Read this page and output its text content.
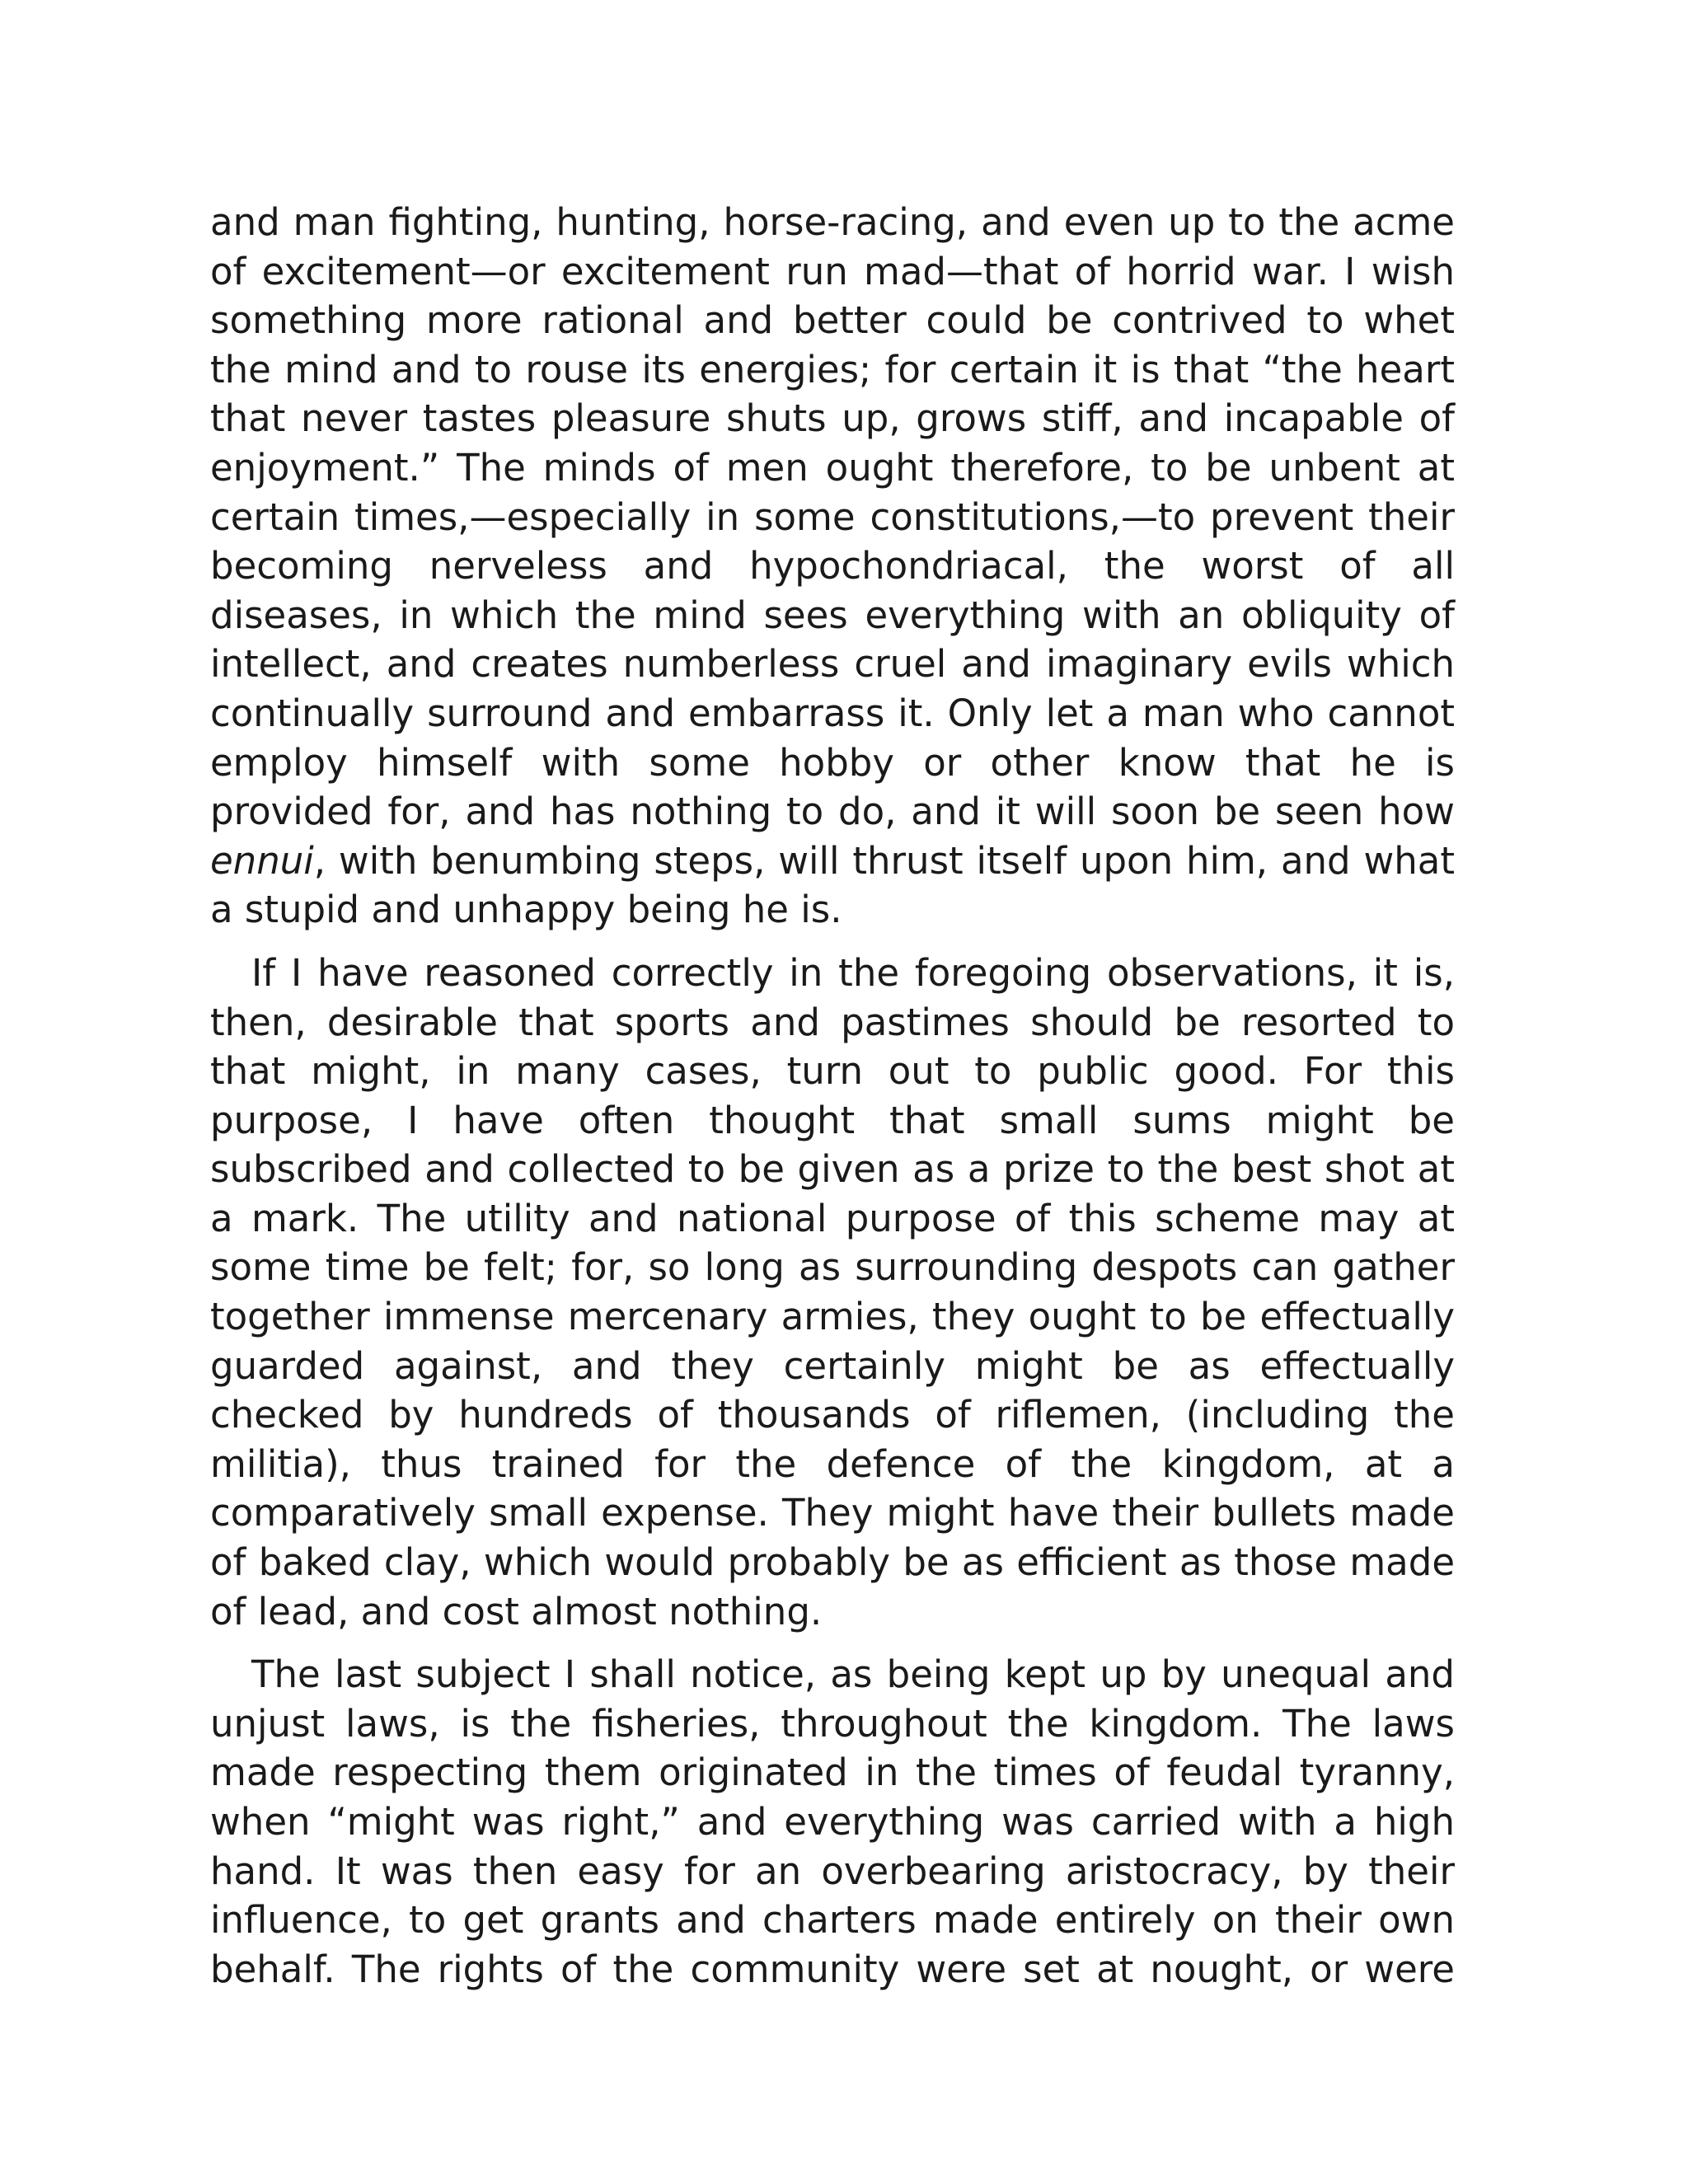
and man fighting, hunting, horse-racing, and even up to the acme of excitement—or excitement run mad—that of horrid war. I wish something more rational and better could be contrived to whet the mind and to rouse its energies; for certain it is that “the heart that never tastes pleasure shuts up, grows stiff, and incapable of enjoyment.” The minds of men ought therefore, to be unbent at certain times,—especially in some constitutions,—to prevent their becoming nerveless and hypochondriacal, the worst of all diseases, in which the mind sees everything with an obliquity of intellect, and creates numberless cruel and imaginary evils which continually surround and embarrass it. Only let a man who cannot employ himself with some hobby or other know that he is provided for, and has nothing to do, and it will soon be seen how ennui, with benumbing steps, will thrust itself upon him, and what a stupid and unhappy being he is.

If I have reasoned correctly in the foregoing observations, it is, then, desirable that sports and pastimes should be resorted to that might, in many cases, turn out to public good. For this purpose, I have often thought that small sums might be subscribed and collected to be given as a prize to the best shot at a mark. The utility and national purpose of this scheme may at some time be felt; for, so long as surrounding despots can gather together immense mercenary armies, they ought to be effectually guarded against, and they certainly might be as effectually checked by hundreds of thousands of riflemen, (including the militia), thus trained for the defence of the kingdom, at a comparatively small expense. They might have their bullets made of baked clay, which would probably be as efficient as those made of lead, and cost almost nothing.

The last subject I shall notice, as being kept up by unequal and unjust laws, is the fisheries, throughout the kingdom. The laws made respecting them originated in the times of feudal tyranny, when “might was right,” and everything was carried with a high hand. It was then easy for an overbearing aristocracy, by their influence, to get grants and charters made entirely on their own behalf. The rights of the community were set at nought, or were
